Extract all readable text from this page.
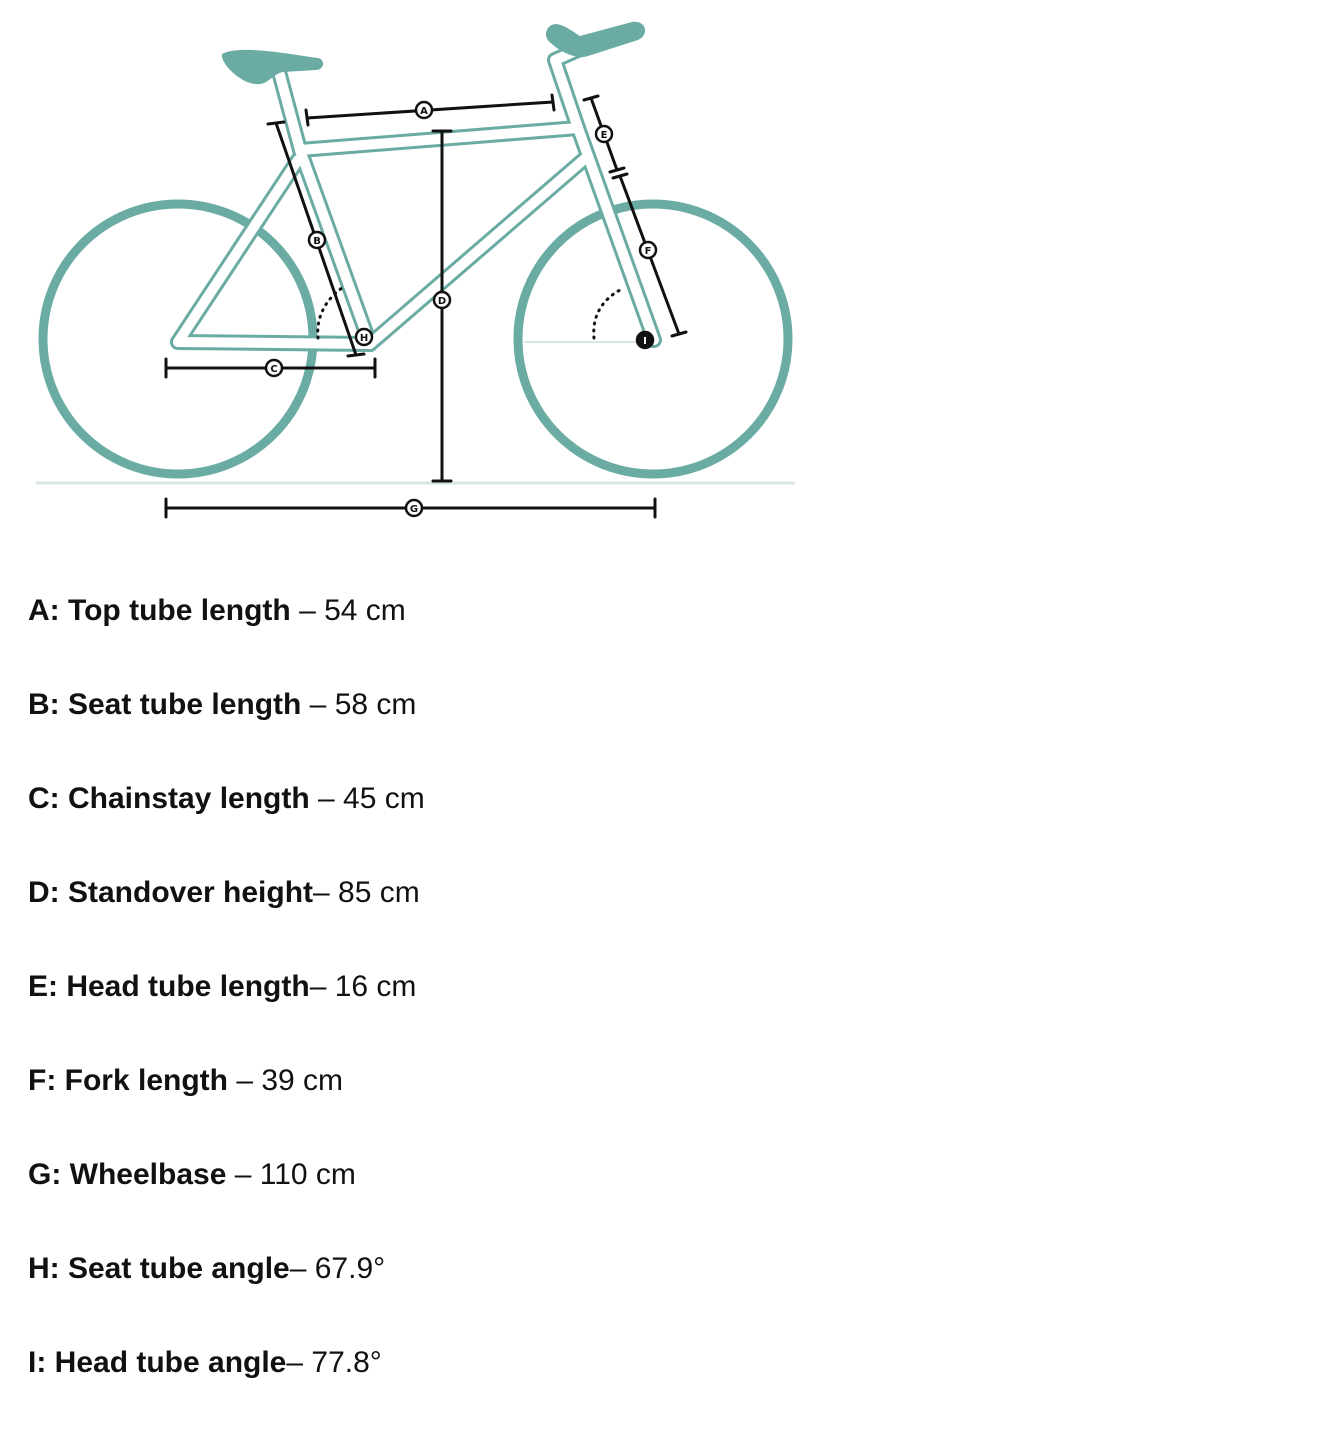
A
B
C
D
E
F
G
H	I
A: Top tube length – 54 cm
B: Seat tube length – 58 cm
C: Chainstay length – 45 cm
D: Standover height– 85 cm
E: Head tube length– 16 cm
F: Fork length – 39 cm
G: Wheelbase – 110 cm
H: Seat tube angle– 67.9°
I: Head tube angle– 77.8°
